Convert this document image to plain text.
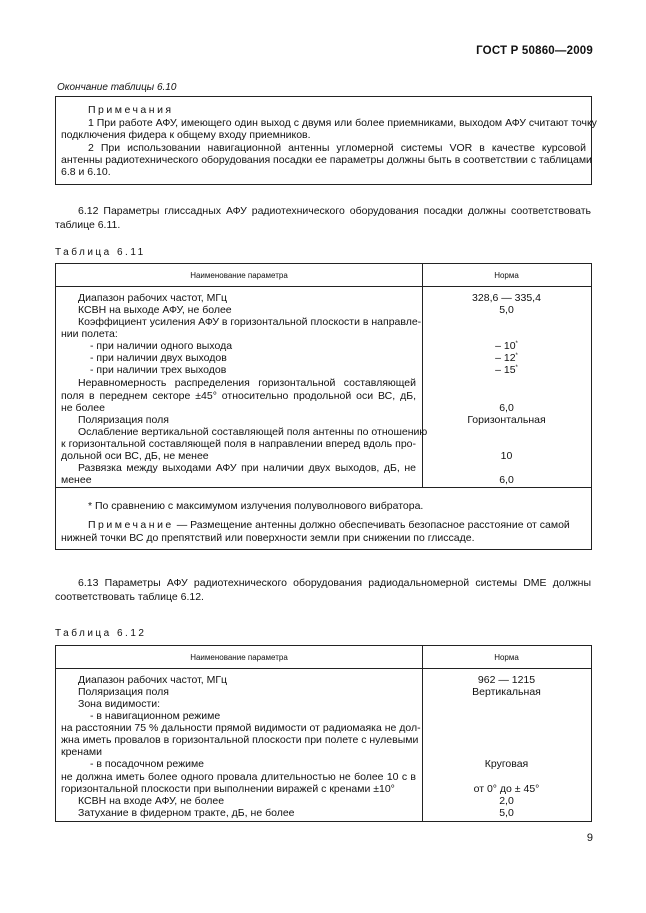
ГОСТ Р 50860—2009
Окончание таблицы 6.10
Примечания
1 При работе АФУ, имеющего один выход с двумя или более приемниками, выходом АФУ считают точку
подключения фидера к общему входу приемников.
2 При использовании навигационной антенны угломерной системы VOR в качестве курсовой
антенны радиотехнического оборудования посадки ее параметры должны быть в соответствии с таблицами
6.8 и 6.10.
6.12 Параметры глиссадных АФУ радиотехнического оборудования посадки должны соответствовать
таблице 6.11.
Таблица 6.11
Наименование параметра	Норма
Диапазон рабочих частот, МГц	328,6 — 335,4
КСВН на выходе АФУ, не более	5,0
Коэффициент усиления АФУ в горизонтальной плоскости в направле-
нии полета:
- при наличии одного выхода	– 10*
- при наличии двух выходов	– 12*
- при наличии трех выходов	– 15*
Неравномерность распределения горизонтальной составляющей
поля в переднем секторе ±45° относительно продольной оси ВС, дБ,
не более	6,0
Поляризация поля	Горизонтальная
Ослабление вертикальной составляющей поля антенны по отношению
к горизонтальной составляющей поля в направлении вперед вдоль про-
дольной оси ВС, дБ, не менее	10
Развязка между выходами АФУ при наличии двух выходов, дБ, не
менее	6,0
* По сравнению с максимумом излучения полуволнового вибратора.
Примечание — Размещение антенны должно обеспечивать безопасное расстояние от самой
нижней точки ВС до препятствий или поверхности земли при снижении по глиссаде.
6.13 Параметры АФУ радиотехнического оборудования радиодальномерной системы DME должны
соответствовать таблице 6.12.
Таблица 6.12
Наименование параметра	Норма
Диапазон рабочих частот, МГц	962 — 1215
Поляризация поля	Вертикальная
Зона видимости:
- в навигационном режиме
на расстоянии 75 % дальности прямой видимости от радиомаяка не дол-
жна иметь провалов в горизонтальной плоскости при полете с нулевыми
кренами
- в посадочном режиме	Круговая
не должна иметь более одного провала длительностью не более 10 с в
горизонтальной плоскости при выполнении виражей с кренами ±10°	от 0° до ± 45°
КСВН на входе АФУ, не более	2,0
Затухание в фидерном тракте, дБ, не более	5,0
9
